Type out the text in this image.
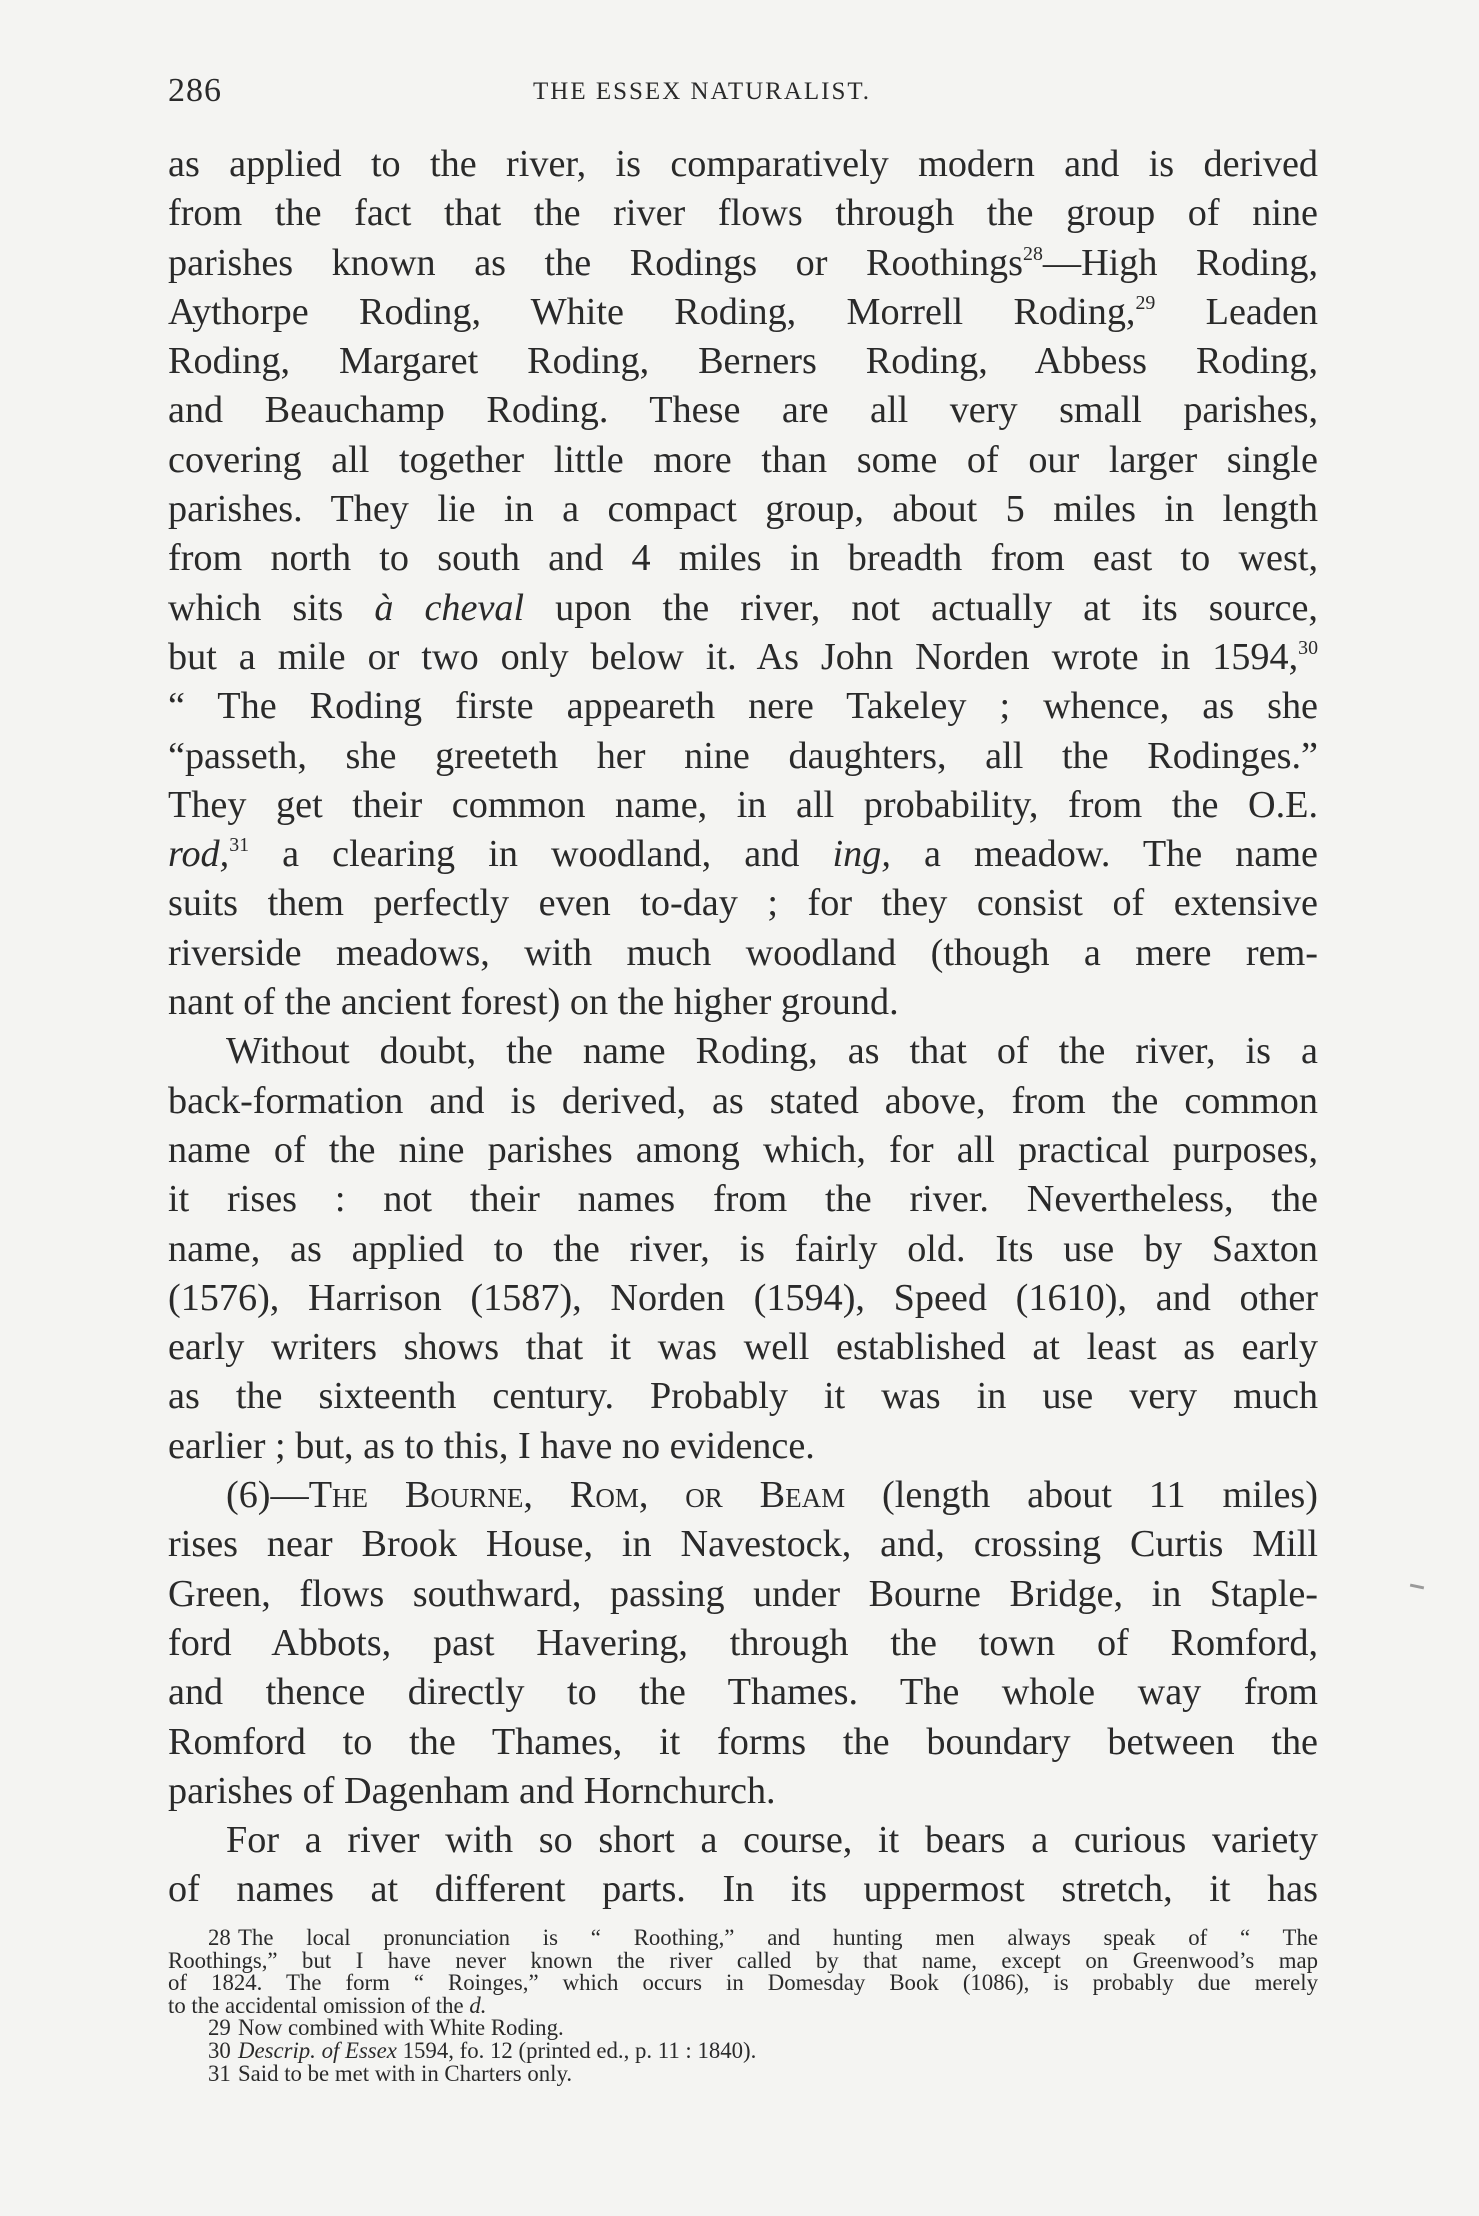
286	THE ESSEX NATURALIST.
as applied to the river, is comparatively modern and is derived
from the fact that the river flows through the group of nine
parishes known as the Rodings or Roothings$^{28}$—High Roding,
Aythorpe Roding, White Roding, Morrell Roding,$^{29}$ Leaden
Roding, Margaret Roding, Berners Roding, Abbess Roding,
and Beauchamp Roding. These are all very small parishes,
covering all together little more than some of our larger single
parishes. They lie in a compact group, about 5 miles in length
from north to south and 4 miles in breadth from east to west,
which sits à cheval upon the river, not actually at its source,
but a mile or two only below it. As John Norden wrote in 1594,30
“ The Roding firste appeareth nere Takeley ; whence, as she
“passeth, she greeteth her nine daughters, all the Rodinges.”
They get their common name, in all probability, from the O.E.
rod,$^{31}$ a clearing in woodland, and ing, a meadow. The name
suits them perfectly even to-day ; for they consist of extensive
riverside meadows, with much woodland (though a mere rem-
nant of the ancient forest) on the higher ground.
Without doubt, the name Roding, as that of the river, is a
back-formation and is derived, as stated above, from the common
name of the nine parishes among which, for all practical purposes,
it rises : not their names from the river. Nevertheless, the
name, as applied to the river, is fairly old. Its use by Saxton
(1576), Harrison (1587), Norden (1594), Speed (1610), and other
early writers shows that it was well established at least as early
as the sixteenth century. Probably it was in use very much
earlier ; but, as to this, I have no evidence.
(6)—The Bourne, Rom, or Beam (length about 11 miles)
rises near Brook House, in Navestock, and, crossing Curtis Mill
Green, flows southward, passing under Bourne Bridge, in Staple-
ford Abbots, past Havering, through the town of Romford,
and thence directly to the Thames. The whole way from
Romford to the Thames, it forms the boundary between the
parishes of Dagenham and Hornchurch.
For a river with so short a course, it bears a curious variety
of names at different parts. In its uppermost stretch, it has
28 The local pronunciation is “ Roothing,” and hunting men always speak of “ The
Roothings,” but I have never known the river called by that name, except on Greenwood’s map
of 1824. The form “ Roinges,” which occurs in Domesday Book (1086), is probably due merely
to the accidental omission of the d.
29 Now combined with White Roding.
30 Descrip. of Essex 1594, fo. 12 (printed ed., p. 11 : 1840).
31 Said to be met with in Charters only.
